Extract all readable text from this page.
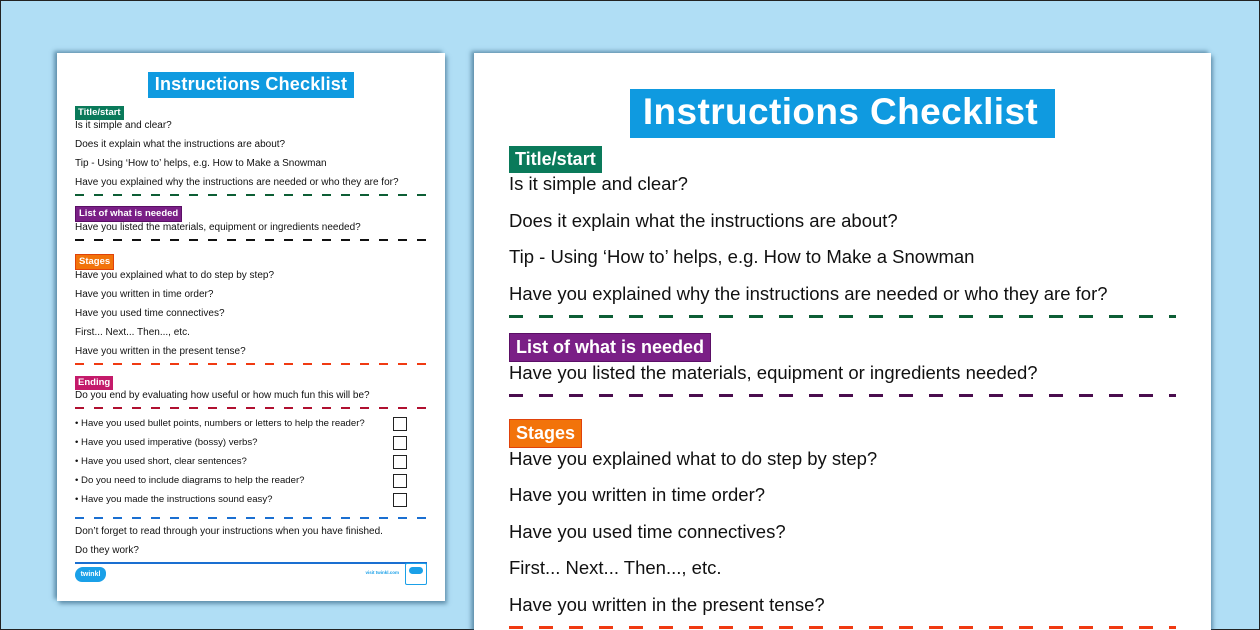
Instructions Checklist
Title/start
Is it simple and clear?
Does it explain what the instructions are about?
Tip - Using ‘How to’ helps, e.g. How to Make a Snowman
Have you explained why the instructions are needed or who they are for?
List of what is needed
Have you listed the materials, equipment or ingredients needed?
Stages
Have you explained what to do step by step?
Have you written in time order?
Have you used time connectives?
First... Next... Then..., etc.
Have you written in the present tense?
Ending
Do you end by evaluating how useful or how much fun this will be?
• Have you used bullet points, numbers or letters to help the reader?
• Have you used imperative (bossy) verbs?
• Have you used short, clear sentences?
• Do you need to include diagrams to help the reader?
• Have you made the instructions sound easy?
Don’t forget to read through your instructions when you have finished.
Do they work?
twinkl	visit twinkl.com
Instructions Checklist
Title/start
Is it simple and clear?
Does it explain what the instructions are about?
Tip - Using ‘How to’ helps, e.g. How to Make a Snowman
Have you explained why the instructions are needed or who they are for?
List of what is needed
Have you listed the materials, equipment or ingredients needed?
Stages
Have you explained what to do step by step?
Have you written in time order?
Have you used time connectives?
First... Next... Then..., etc.
Have you written in the present tense?
